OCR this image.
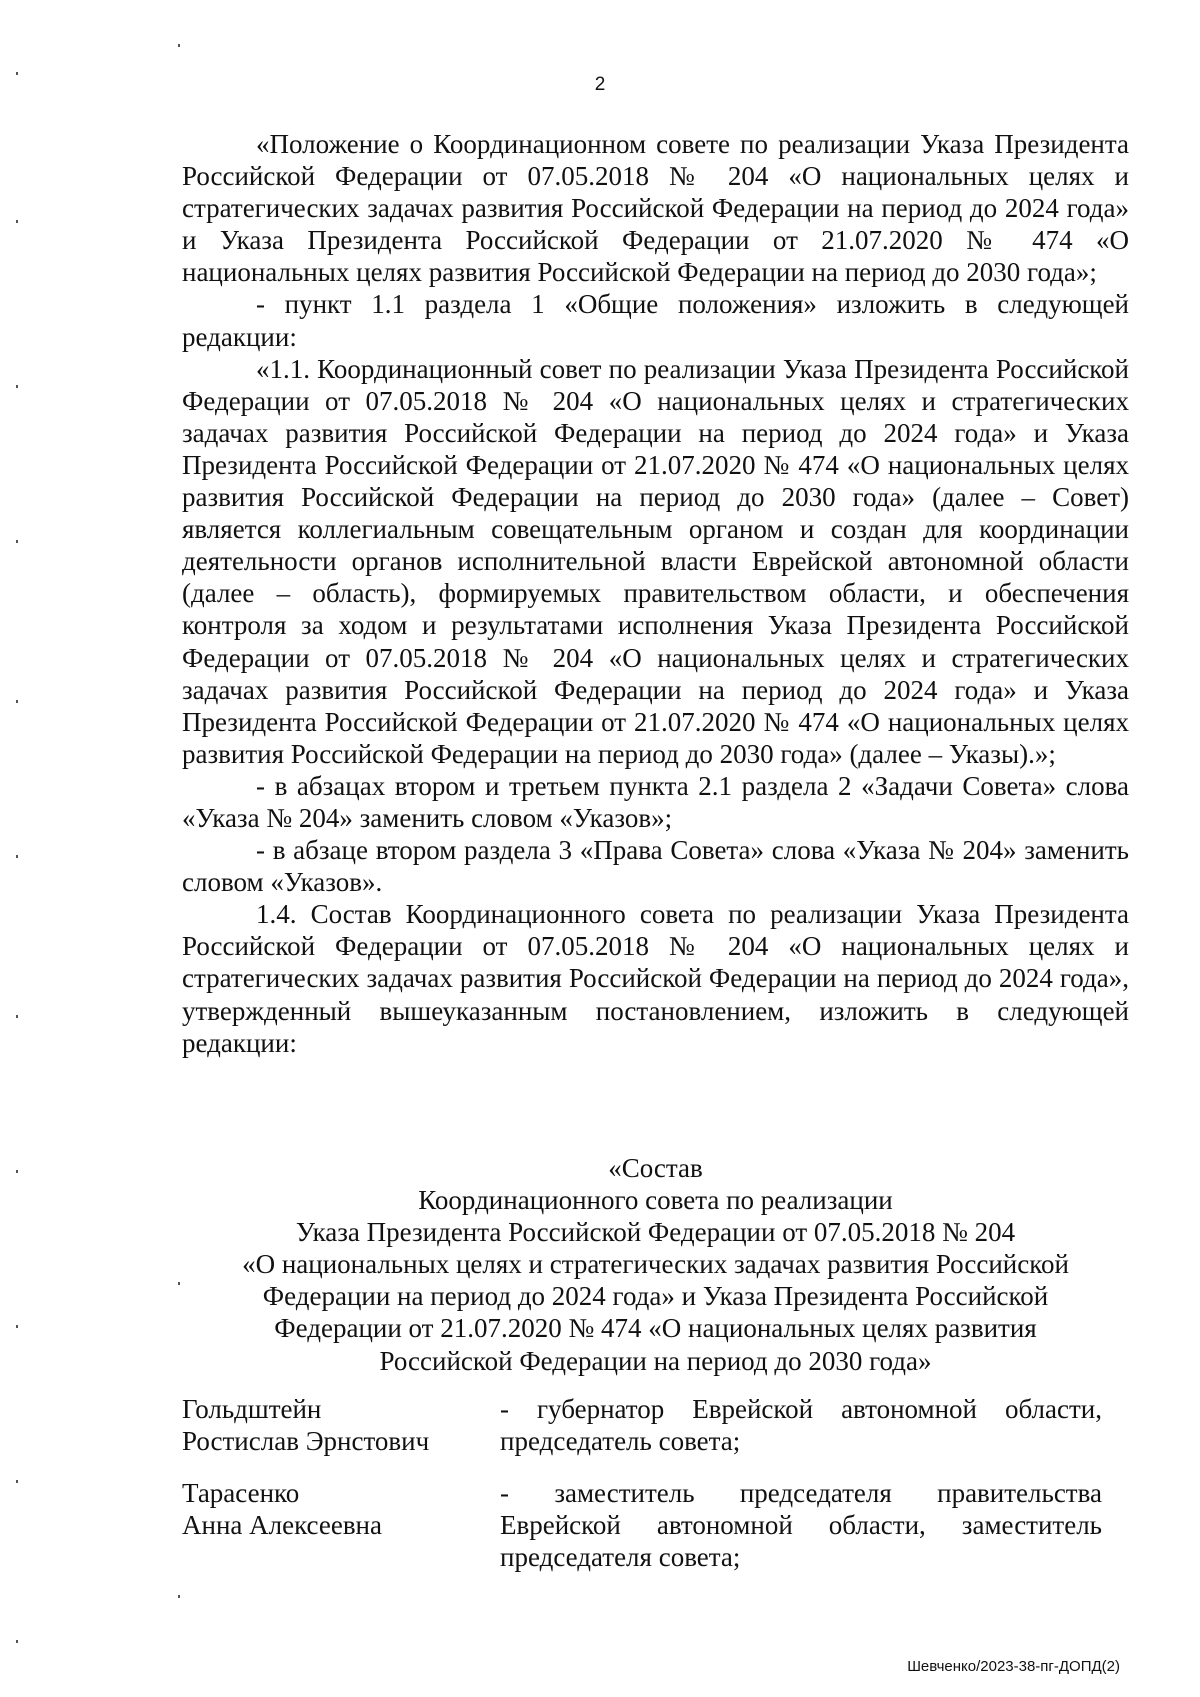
2

«Положение о Координационном совете по реализации Указа Президента Российской Федерации от 07.05.2018 № 204 «О национальных целях и стратегических задачах развития Российской Федерации на период до 2024 года» и Указа Президента Российской Федерации от 21.07.2020 № 474 «О национальных целях развития Российской Федерации на период до 2030 года»;

- пункт 1.1 раздела 1 «Общие положения» изложить в следующей редакции:

«1.1. Координационный совет по реализации Указа Президента Российской Федерации от 07.05.2018 № 204 «О национальных целях и стратегических задачах развития Российской Федерации на период до 2024 года» и Указа Президента Российской Федерации от 21.07.2020 № 474 «О национальных целях развития Российской Федерации на период до 2030 года» (далее – Совет) является коллегиальным совещательным органом и создан для координации деятельности органов исполнительной власти Еврейской автономной области (далее – область), формируемых правительством области, и обеспечения контроля за ходом и результатами исполнения Указа Президента Российской Федерации от 07.05.2018 № 204 «О национальных целях и стратегических задачах развития Российской Федерации на период до 2024 года» и Указа Президента Российской Федерации от 21.07.2020 № 474 «О национальных целях развития Российской Федерации на период до 2030 года» (далее – Указы).»;

- в абзацах втором и третьем пункта 2.1 раздела 2 «Задачи Совета» слова «Указа № 204» заменить словом «Указов»;

- в абзаце втором раздела 3 «Права Совета» слова «Указа № 204» заменить словом «Указов».

1.4. Состав Координационного совета по реализации Указа Президента Российской Федерации от 07.05.2018 № 204 «О национальных целях и стратегических задачах развития Российской Федерации на период до 2024 года», утвержденный вышеуказанным постановлением, изложить в следующей редакции:

«Состав
Координационного совета по реализации
Указа Президента Российской Федерации от 07.05.2018 № 204
«О национальных целях и стратегических задачах развития Российской
Федерации на период до 2024 года» и Указа Президента Российской
Федерации от 21.07.2020 № 474 «О национальных целях развития
Российской Федерации на период до 2030 года»
Гольдштейн
Ростислав Эрнстович
- губернатор Еврейской автономной области, председатель совета;
Тарасенко
Анна Алексеевна
- заместитель председателя правительства Еврейской автономной области, заместитель председателя совета;
Шевченко/2023-38-пг-ДОПД(2)
